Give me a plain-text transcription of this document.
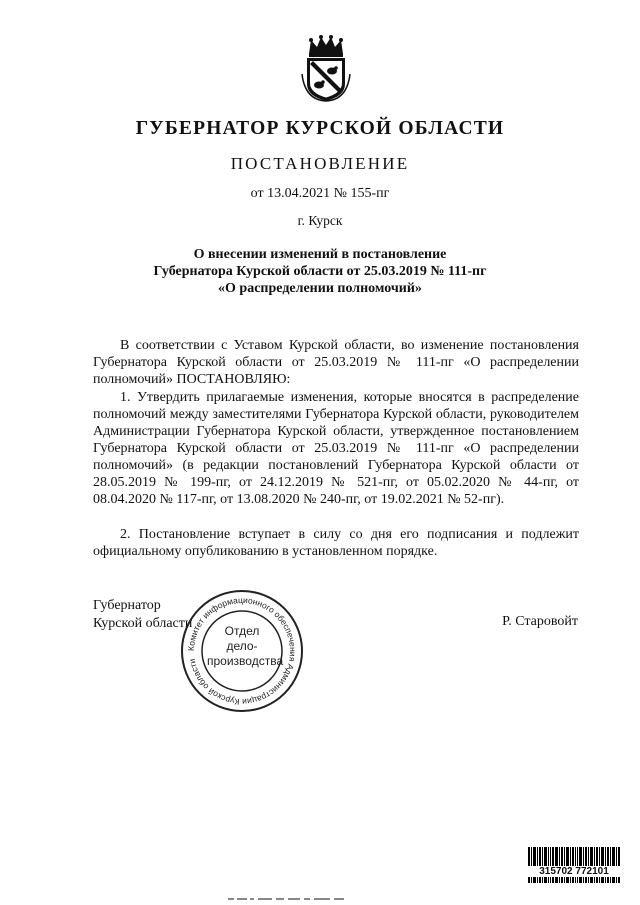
ГУБЕРНАТОР КУРСКОЙ ОБЛАСТИ
ПОСТАНОВЛЕНИЕ
от 13.04.2021 № 155-пг
г. Курск
О внесении изменений в постановление
Губернатора Курской области от 25.03.2019 № 111-пг
«О распределении полномочий»
В соответствии с Уставом Курской области, во изменение постановления Губернатора Курской области от 25.03.2019 № 111-пг «О распределении полномочий» ПОСТАНОВЛЯЮ:
1. Утвердить прилагаемые изменения, которые вносятся в распределение полномочий между заместителями Губернатора Курской области, руководителем Администрации Губернатора Курской области, утвержденное постановлением Губернатора Курской области от 25.03.2019 № 111-пг «О распределении полномочий» (в редакции постановлений Губернатора Курской области от 28.05.2019 № 199-пг, от 24.12.2019 № 521-пг, от 05.02.2020 № 44-пг, от 08.04.2020 № 117-пг, от 13.08.2020 № 240-пг, от 19.02.2021 № 52-пг).
2. Постановление вступает в силу со дня его подписания и подлежит официальному опубликованию в установленном порядке.
Губернатор
Курской области	Р. Старовойт
Комитет информационного обеспечения Администрации Курской области
Отдел
дело-
производства
315702 772101
